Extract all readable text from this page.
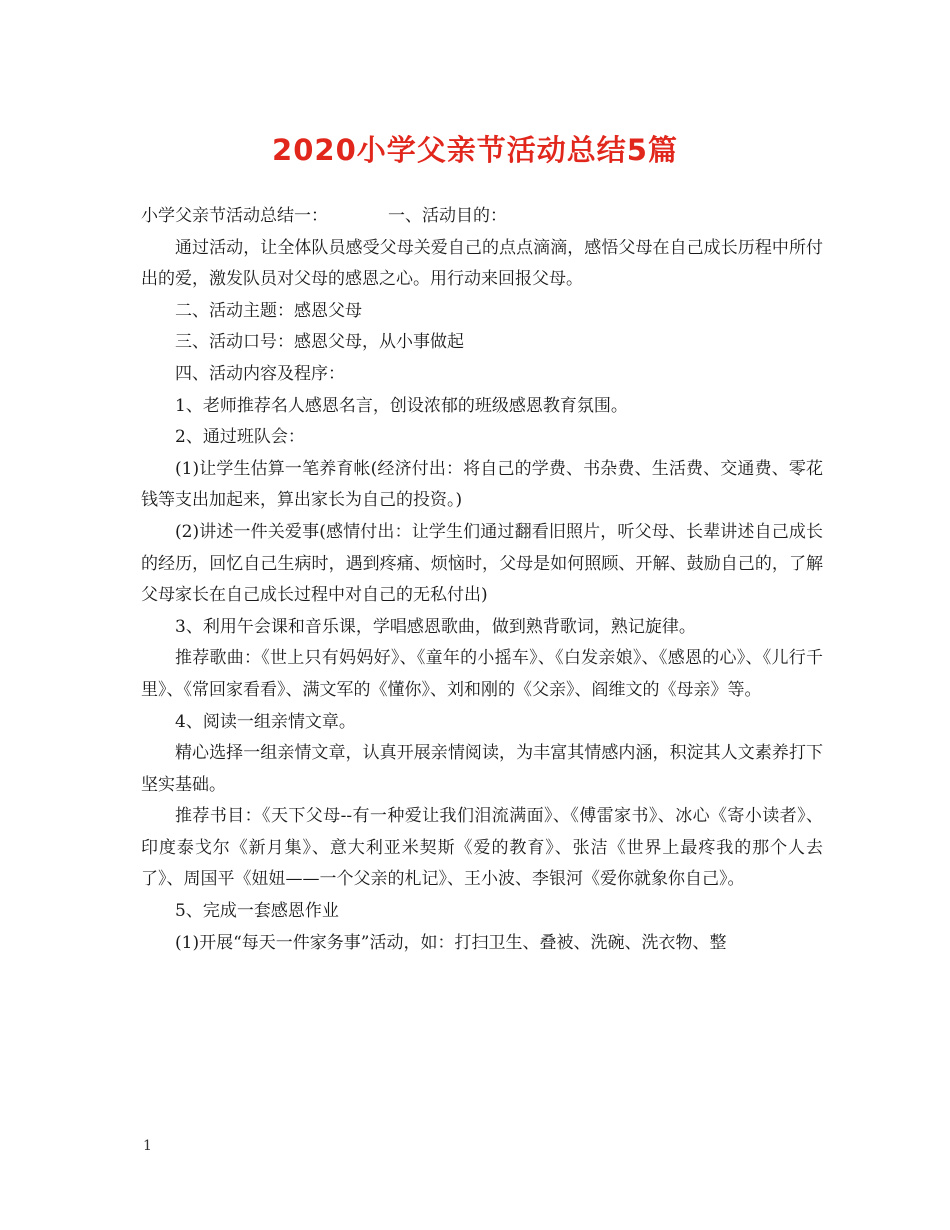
2020小学父亲节活动总结5篇

小学父亲节活动总结一：	一、活动目的：

通过活动，让全体队员感受父母关爱自己的点点滴滴，感悟父母在自己成长历程中所付出的爱，激发队员对父母的感恩之心。用行动来回报父母。

二、活动主题：感恩父母

三、活动口号：感恩父母，从小事做起

四、活动内容及程序：

1、老师推荐名人感恩名言，创设浓郁的班级感恩教育氛围。

2、通过班队会：

(1)让学生估算一笔养育帐(经济付出：将自己的学费、书杂费、生活费、交通费、零花钱等支出加起来，算出家长为自己的投资。)

(2)讲述一件关爱事(感情付出：让学生们通过翻看旧照片，听父母、长辈讲述自己成长的经历，回忆自己生病时，遇到疼痛、烦恼时，父母是如何照顾、开解、鼓励自己的，了解父母家长在自己成长过程中对自己的无私付出)

3、利用午会课和音乐课，学唱感恩歌曲，做到熟背歌词，熟记旋律。

推荐歌曲：《世上只有妈妈好》、《童年的小摇车》、《白发亲娘》、《感恩的心》、《儿行千里》、《常回家看看》、满文军的《懂你》、刘和刚的《父亲》、阎维文的《母亲》等。

4、阅读一组亲情文章。

精心选择一组亲情文章，认真开展亲情阅读，为丰富其情感内涵，积淀其人文素养打下坚实基础。

推荐书目：《天下父母--有一种爱让我们泪流满面》、《傅雷家书》、冰心《寄小读者》、印度泰戈尔《新月集》、意大利亚米契斯《爱的教育》、张洁《世界上最疼我的那个人去了》、周国平《妞妞——一个父亲的札记》、王小波、李银河《爱你就象你自己》。

5、完成一套感恩作业

(1)开展“每天一件家务事”活动，如：打扫卫生、叠被、洗碗、洗衣物、整

1
